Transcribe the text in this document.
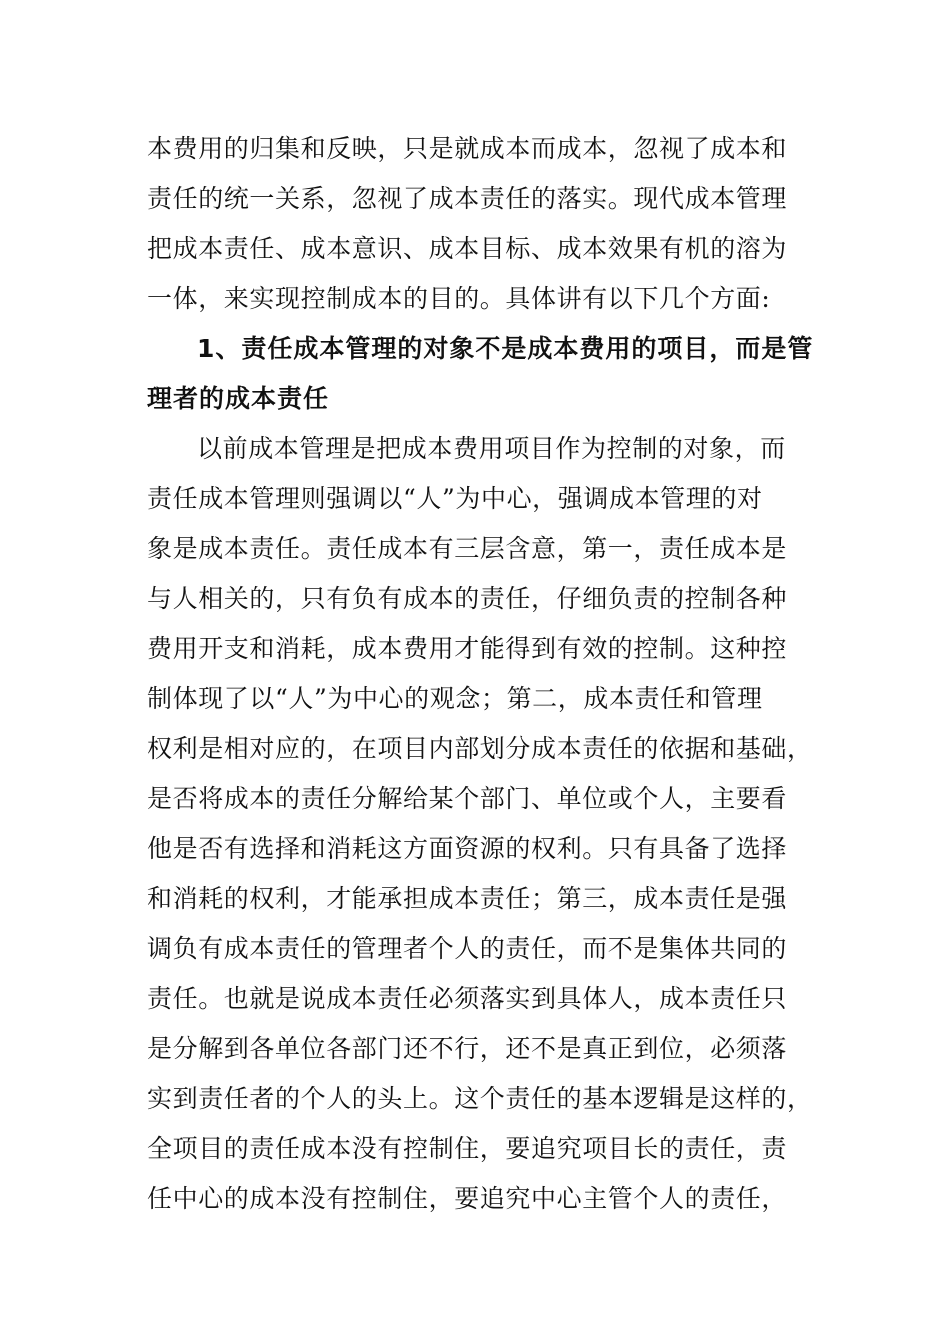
本费用的归集和反映，只是就成本而成本，忽视了成本和
责任的统一关系，忽视了成本责任的落实。现代成本管理
把成本责任、成本意识、成本目标、成本效果有机的溶为
一体，来实现控制成本的目的。具体讲有以下几个方面:
1、责任成本管理的对象不是成本费用的项目，而是管
理者的成本责任
以前成本管理是把成本费用项目作为控制的对象，而
责任成本管理则强调以“人”为中心，强调成本管理的对
象是成本责任。责任成本有三层含意，第一，责任成本是
与人相关的，只有负有成本的责任，仔细负责的控制各种
费用开支和消耗，成本费用才能得到有效的控制。这种控
制体现了以“人”为中心的观念；第二，成本责任和管理
权利是相对应的，在项目内部划分成本责任的依据和基础，
是否将成本的责任分解给某个部门、单位或个人，主要看
他是否有选择和消耗这方面资源的权利。只有具备了选择
和消耗的权利，才能承担成本责任；第三，成本责任是强
调负有成本责任的管理者个人的责任，而不是集体共同的
责任。也就是说成本责任必须落实到具体人，成本责任只
是分解到各单位各部门还不行，还不是真正到位，必须落
实到责任者的个人的头上。这个责任的基本逻辑是这样的，
全项目的责任成本没有控制住，要追究项目长的责任，责
任中心的成本没有控制住，要追究中心主管个人的责任，
